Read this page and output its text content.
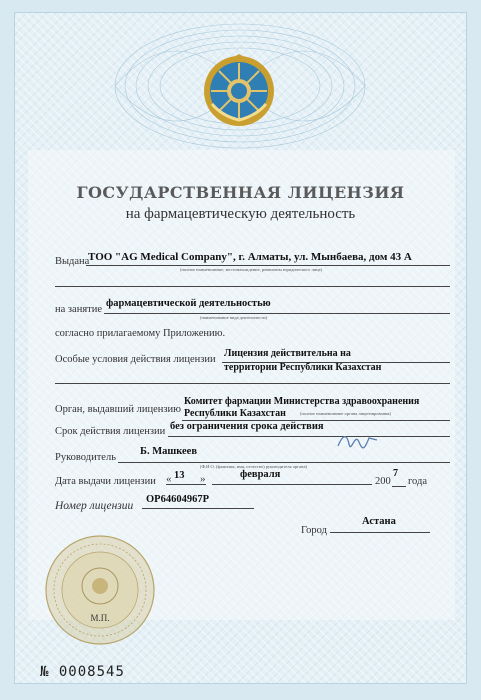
ГОСУДАРСТВЕННАЯ ЛИЦЕНЗИЯ
на фармацевтическую деятельность
Выдана
ТОО "AG Medical Company", г. Алматы, ул. Мынбаева, дом 43 А
(полное наименование, местонахождение, реквизиты юридического лица)
на занятие
фармацевтической деятельностью
(наименование вида деятельности)
согласно прилагаемому Приложению.
Особые условия действия лицензии
Лицензия действительна на
территории Республики Казахстан
Орган, выдавший лицензию
Комитет фармации Министерства здравоохранения
Республики Казахстан	(полное наименование органа лицензирования)
Срок действия лицензии без ограничения срока действия
Руководитель
Б. Машкеев
(Ф.И.О. (фамилия, имя, отчество) руководителя органа)
Дата выдачи лицензии « 13 »	февраля
200
7
года
Номер лицензии
ОР64604967Р
Город
Астана
М.П.
№ 0008545
